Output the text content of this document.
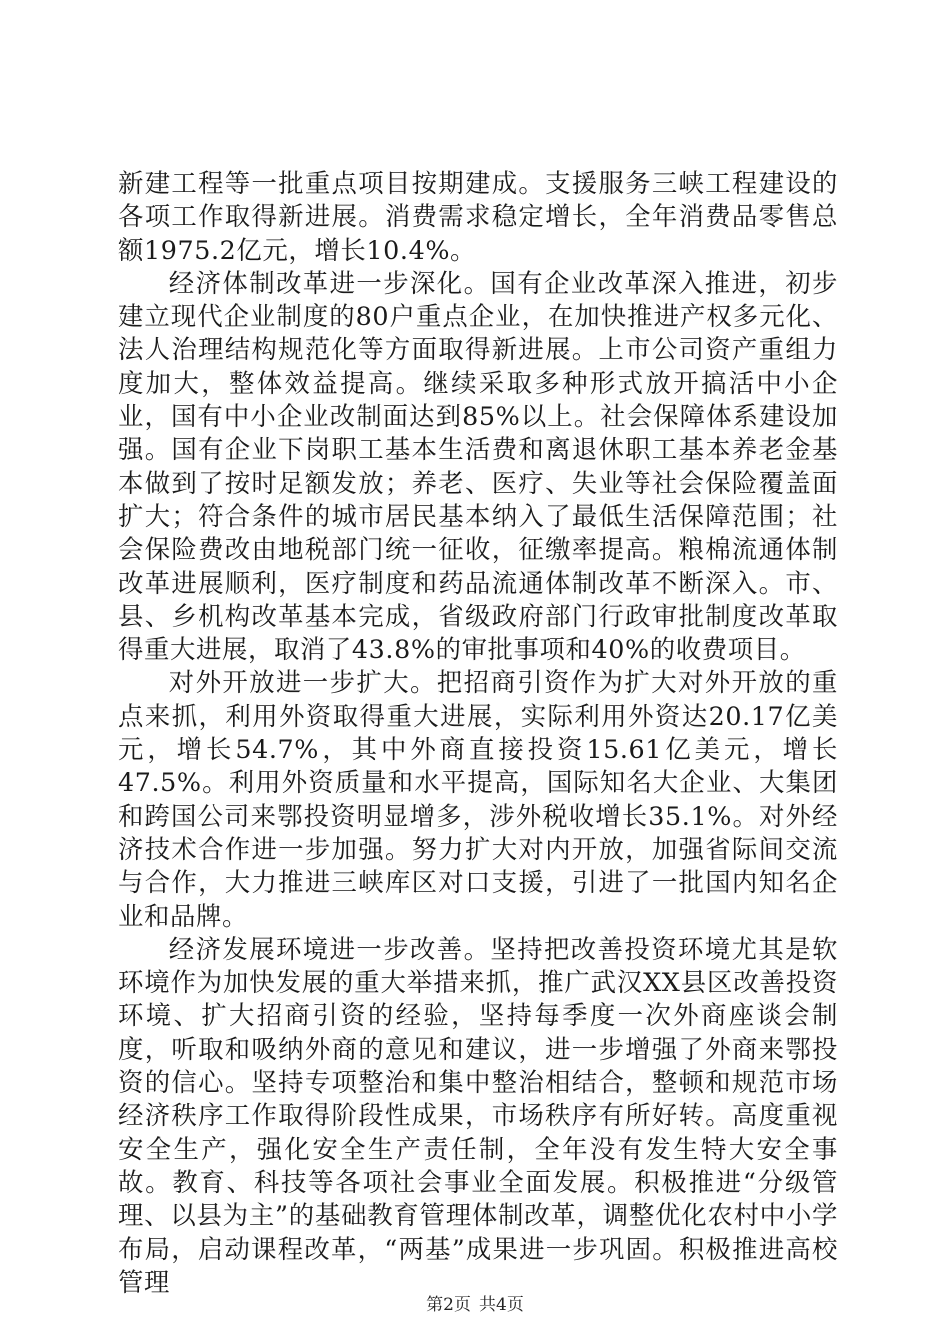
新建工程等一批重点项目按期建成。支援服务三峡工程建设的各项工作取得新进展。消费需求稳定增长，全年消费品零售总额1975.2亿元，增长10.4%。

经济体制改革进一步深化。国有企业改革深入推进，初步建立现代企业制度的80户重点企业，在加快推进产权多元化、法人治理结构规范化等方面取得新进展。上市公司资产重组力度加大，整体效益提高。继续采取多种形式放开搞活中小企业，国有中小企业改制面达到85%以上。社会保障体系建设加强。国有企业下岗职工基本生活费和离退休职工基本养老金基本做到了按时足额发放；养老、医疗、失业等社会保险覆盖面扩大；符合条件的城市居民基本纳入了最低生活保障范围；社会保险费改由地税部门统一征收，征缴率提高。粮棉流通体制改革进展顺利，医疗制度和药品流通体制改革不断深入。市、县、乡机构改革基本完成，省级政府部门行政审批制度改革取得重大进展，取消了43.8%的审批事项和40%的收费项目。

对外开放进一步扩大。把招商引资作为扩大对外开放的重点来抓，利用外资取得重大进展，实际利用外资达20.17亿美元，增长54.7%，其中外商直接投资15.61亿美元，增长47.5%。利用外资质量和水平提高，国际知名大企业、大集团和跨国公司来鄂投资明显增多，涉外税收增长35.1%。对外经济技术合作进一步加强。努力扩大对内开放，加强省际间交流与合作，大力推进三峡库区对口支援，引进了一批国内知名企业和品牌。

经济发展环境进一步改善。坚持把改善投资环境尤其是软环境作为加快发展的重大举措来抓，推广武汉XX县区改善投资环境、扩大招商引资的经验，坚持每季度一次外商座谈会制度，听取和吸纳外商的意见和建议，进一步增强了外商来鄂投资的信心。坚持专项整治和集中整治相结合，整顿和规范市场经济秩序工作取得阶段性成果，市场秩序有所好转。高度重视安全生产，强化安全生产责任制，全年没有发生特大安全事故。教育、科技等各项社会事业全面发展。积极推进“分级管理、以县为主”的基础教育管理体制改革，调整优化农村中小学布局，启动课程改革，“两基”成果进一步巩固。积极推进高校管理

第2页 共4页
